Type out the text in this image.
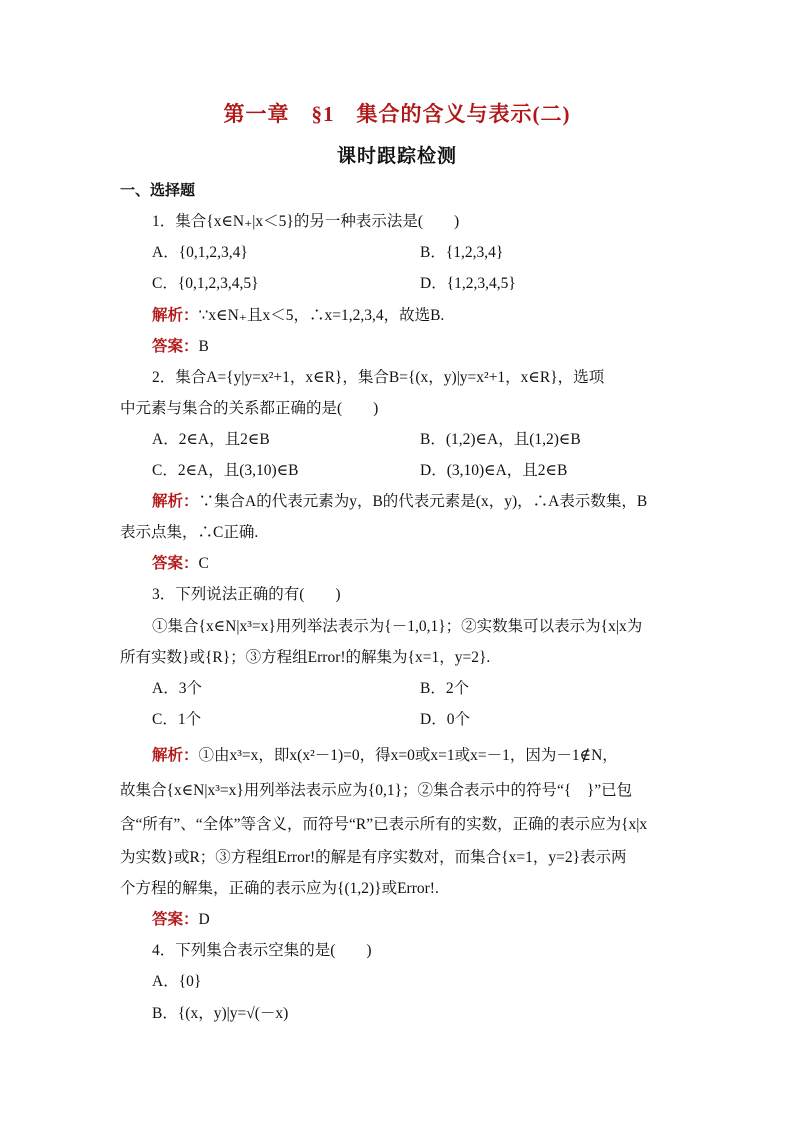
第一章　§1　集合的含义与表示(二)
课时跟踪检测
一、选择题
1．集合{x∈N₊|x＜5}的另一种表示法是(　　)
A．{0,1,2,3,4}	B．{1,2,3,4}
C．{0,1,2,3,4,5}	D．{1,2,3,4,5}
解析：∵x∈N₊且x＜5，∴x=1,2,3,4，故选B.
答案：B
2．集合A={y|y=x²+1，x∈R}，集合B={(x，y)|y=x²+1，x∈R}，选项
中元素与集合的关系都正确的是(　　)
A．2∈A，且2∈B	B．(1,2)∈A，且(1,2)∈B
C．2∈A，且(3,10)∈B	D．(3,10)∈A，且2∈B
解析：∵集合A的代表元素为y，B的代表元素是(x，y)，∴A表示数集，B
表示点集，∴C正确.
答案：C
3．下列说法正确的有(　　)
①集合{x∈N|x³=x}用列举法表示为{－1,0,1}；②实数集可以表示为{x|x为
所有实数}或{R}；③方程组Error!的解集为{x=1，y=2}.
A．3个	B．2个
C．1个	D．0个
解析：①由x³=x，即x(x²－1)=0，得x=0或x=1或x=－1，因为－1∉N，
故集合{x∈N|x³=x}用列举法表示应为{0,1}；②集合表示中的符号“{　}”已包
含“所有”、“全体”等含义，而符号“R”已表示所有的实数，正确的表示应为{x|x
为实数}或R；③方程组Error!的解是有序实数对，而集合{x=1，y=2}表示两
个方程的解集，正确的表示应为{(1,2)}或Error!.
答案：D
4．下列集合表示空集的是(　　)
A．{0}
B．{(x，y)|y=√(－x)
